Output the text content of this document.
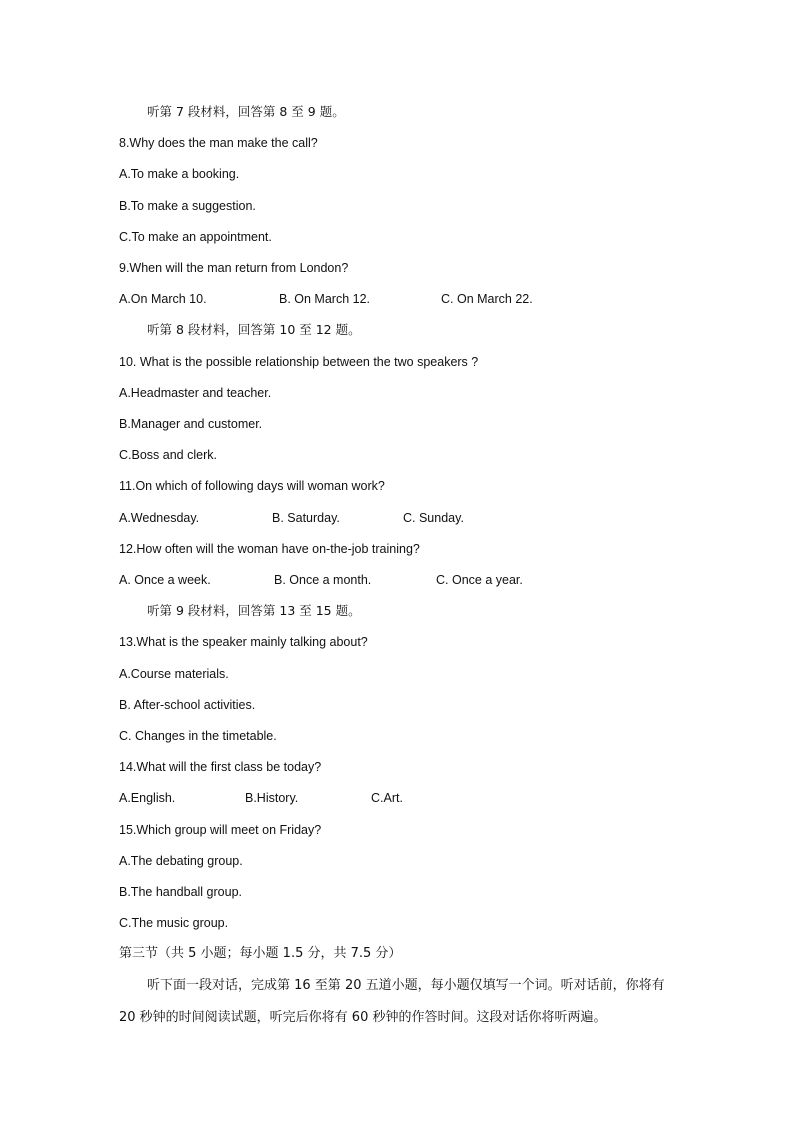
听第 7 段材料，回答第 8 至 9 题。
8.Why does the man make the call?
A.To make a booking.
B.To make a suggestion.
C.To make an appointment.
9.When will the man return from London?
A.On March 10.	B. On March 12.	C. On March 22.
听第 8 段材料，回答第 10 至 12 题。
10. What is the possible relationship between the two speakers ?
A.Headmaster and teacher.
B.Manager and customer.
C.Boss and clerk.
11.On which of following days will woman work?
A.Wednesday.	B. Saturday.	C. Sunday.
12.How often will the woman have on-the-job training?
A. Once a week.	B. Once a month.	C. Once a year.
听第 9 段材料，回答第 13 至 15 题。
13.What is the speaker mainly talking about?
A.Course materials.
B. After-school activities.
C. Changes in the timetable.
14.What will the first class be today?
A.English.	B.History.	C.Art.
15.Which group will meet on Friday?
A.The debating group.
B.The handball group.
C.The music group.
第三节（共 5 小题；每小题 1.5 分，共 7.5 分）
听下面一段对话，完成第 16 至第 20 五道小题，每小题仅填写一个词。听对话前，你将有 20 秒钟的时间阅读试题，听完后你将有 60 秒钟的作答时间。这段对话你将听两遍。
